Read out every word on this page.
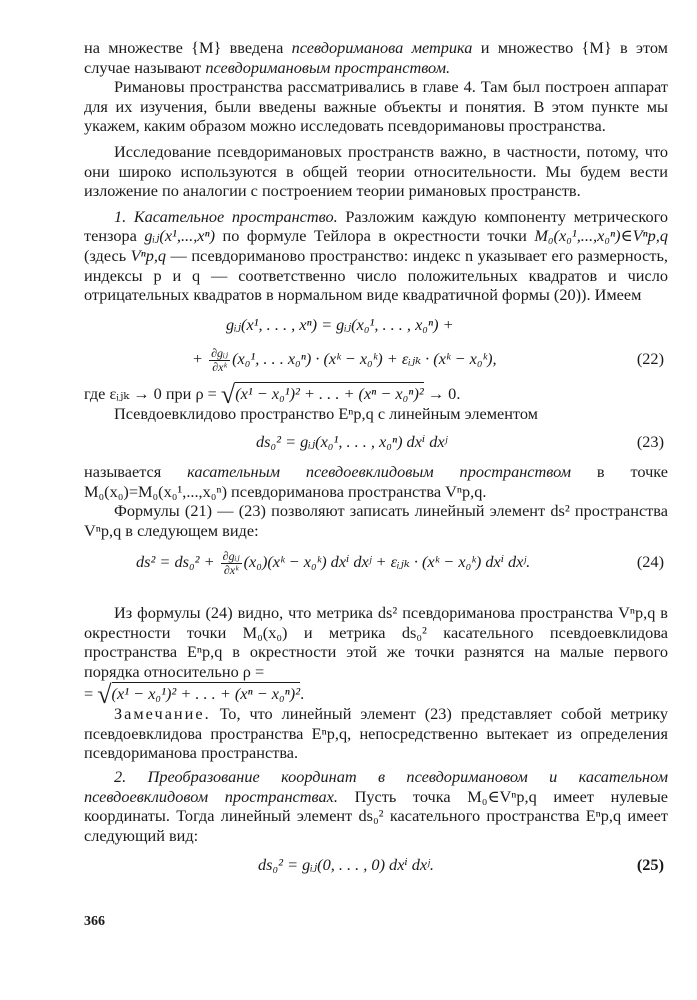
на множестве {M} введена псевдориманова метрика и множество {M} в этом случае называют псевдоримановым пространством.

Римановы пространства рассматривались в главе 4. Там был построен аппарат для их изучения, были введены важные объекты и понятия. В этом пункте мы укажем, каким образом можно исследовать псевдоримановы пространства.

Исследование псевдоримановых пространств важно, в частности, потому, что они широко используются в общей теории относительности. Мы будем вести изложение по аналогии с построением теории римановых пространств.

1. Касательное пространство. Разложим каждую компоненту метрического тензора gᵢⱼ(x¹,...,xⁿ) по формуле Тейлора в окрестности точки M₀(x₀¹,...,x₀ⁿ)∈Vⁿp,q (здесь Vⁿp,q — псевдориманово пространство: индекс n указывает его размерность, индексы p и q — соответственно число положительных квадратов и число отрицательных квадратов в нормальном виде квадратичной формы (20)). Имеем

gᵢⱼ(x¹, . . . , xⁿ) = gᵢⱼ(x₀¹, . . . , x₀ⁿ) +
+ $\frac{\text{∂gᵢⱼ}}{\text{∂xᵏ}} (x_0^1$, . . . x₀ⁿ) · (xᵏ − x₀ᵏ) + εᵢⱼₖ · (xᵏ − x₀ᵏ),	(22)

где εᵢⱼₖ → 0 при ρ = √(x¹ − x₀¹)² + . . . + (xⁿ − x₀ⁿ)² → 0.

Псевдоевклидово пространство Eⁿp,q с линейным элементом

ds₀² = gᵢⱼ(x₀¹, . . . , x₀ⁿ) dxⁱ dxʲ	(23)

называется касательным псевдоевклидовым пространством в точке M₀(x₀)=M₀(x₀¹,...,x₀ⁿ) псевдориманова пространства Vⁿp,q.

Формулы (21) — (23) позволяют записать линейный элемент ds² пространства Vⁿp,q в следующем виде:

$ds^2 = ds_0^2 + \frac{\text{∂gᵢⱼ}}{\text{∂xᵏ}}$ (x₀)(xᵏ − x₀ᵏ) dxⁱ dxʲ + εᵢⱼₖ · (xᵏ − x₀ᵏ) dxⁱ dxʲ.	(24)

Из формулы (24) видно, что метрика ds² псевдориманова пространства Vⁿp,q в окрестности точки M₀(x₀) и метрика ds₀² касательного псевдоевклидова пространства Eⁿp,q в окрестности этой же точки разнятся на малые первого порядка относительно ρ =

= √(x¹ − x₀¹)² + . . . + (xⁿ − x₀ⁿ)².

Замечание. То, что линейный элемент (23) представляет собой метрику псевдоевклидова пространства Eⁿp,q, непосредственно вытекает из определения псевдориманова пространства.

2. Преобразование координат в псевдоримановом и касательном псевдоевклидовом пространствах. Пусть точка M₀∈Vⁿp,q имеет нулевые координаты. Тогда линейный элемент ds₀² касательного пространства Eⁿp,q имеет следующий вид:

ds₀² = gᵢⱼ(0, . . . , 0) dxⁱ dxʲ.	(25)
366
